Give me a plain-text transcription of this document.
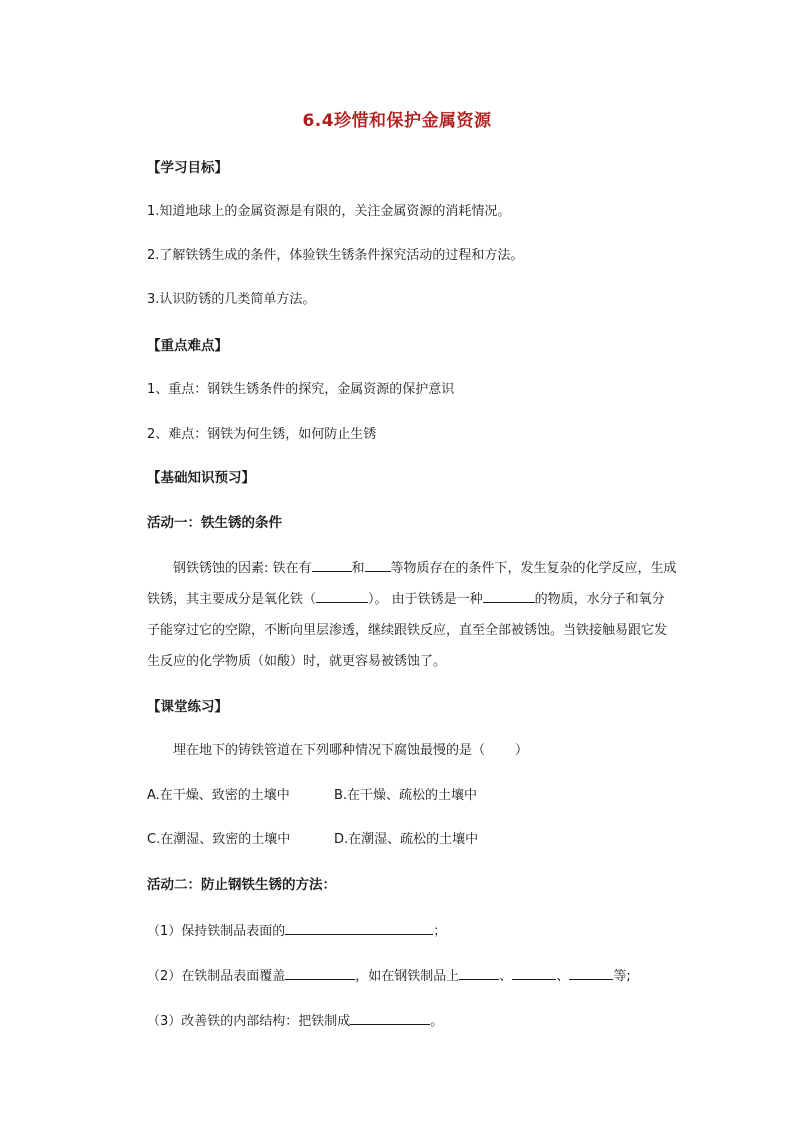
6.4珍惜和保护金属资源
【学习目标】
1.知道地球上的金属资源是有限的，关注金属资源的消耗情况。
2.了解铁锈生成的条件，体验铁生锈条件探究活动的过程和方法。
3.认识防锈的几类简单方法。
【重点难点】
1、重点：钢铁生锈条件的探究，金属资源的保护意识
2、难点：钢铁为何生锈，如何防止生锈
【基础知识预习】
活动一：铁生锈的条件
钢铁锈蚀的因素: 铁在有	和 等物质存在的条件下，发生复杂的化学反应，生成铁锈，其主要成分是氧化铁（	）。 由于铁锈是一种	的物质，水分子和氧分子能穿过它的空隙，不断向里层渗透，继续跟铁反应，直至全部被锈蚀。当铁接触易跟它发生反应的化学物质（如酸）时，就更容易被锈蚀了。
【课堂练习】
埋在地下的铸铁管道在下列哪种情况下腐蚀最慢的是（ ）
A.在干燥、致密的土壤中	B.在干燥、疏松的土壤中
C.在潮湿、致密的土壤中	D.在潮湿、疏松的土壤中
活动二：防止钢铁生锈的方法：
（1）保持铁制品表面的	；
（2）在铁制品表面覆盖	，如在钢铁制品上	、	、	等;
（3）改善铁的内部结构：把铁制成	。
